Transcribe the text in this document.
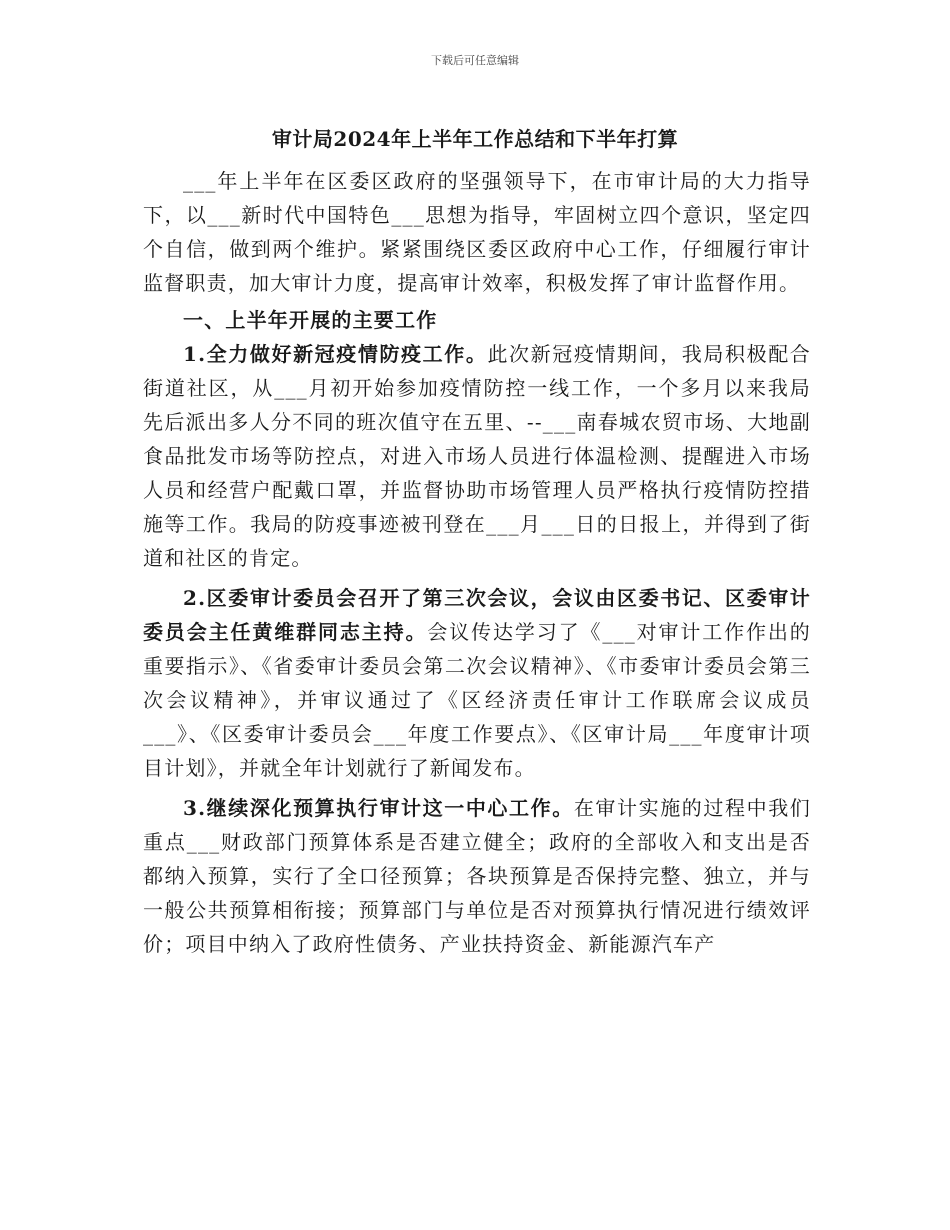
下载后可任意编辑
审计局2024年上半年工作总结和下半年打算

___年上半年在区委区政府的坚强领导下，在市审计局的大力指导下，以___新时代中国特色___思想为指导，牢固树立四个意识，坚定四个自信，做到两个维护。紧紧围绕区委区政府中心工作，仔细履行审计监督职责，加大审计力度，提高审计效率，积极发挥了审计监督作用。

一、上半年开展的主要工作

1.全力做好新冠疫情防疫工作。此次新冠疫情期间，我局积极配合街道社区，从___月初开始参加疫情防控一线工作，一个多月以来我局先后派出多人分不同的班次值守在五里、--___南春城农贸市场、大地副食品批发市场等防控点，对进入市场人员进行体温检测、提醒进入市场人员和经营户配戴口罩，并监督协助市场管理人员严格执行疫情防控措施等工作。我局的防疫事迹被刊登在___月___日的日报上，并得到了街道和社区的肯定。

2.区委审计委员会召开了第三次会议，会议由区委书记、区委审计委员会主任黄维群同志主持。会议传达学习了《___对审计工作作出的重要指示》、《省委审计委员会第二次会议精神》、《市委审计委员会第三次会议精神》，并审议通过了《区经济责任审计工作联席会议成员___》、《区委审计委员会___年度工作要点》、《区审计局___年度审计项目计划》，并就全年计划就行了新闻发布。

3.继续深化预算执行审计这一中心工作。在审计实施的过程中我们重点___财政部门预算体系是否建立健全；政府的全部收入和支出是否都纳入预算，实行了全口径预算；各块预算是否保持完整、独立，并与一般公共预算相衔接；预算部门与单位是否对预算执行情况进行绩效评价；项目中纳入了政府性债务、产业扶持资金、新能源汽车产
